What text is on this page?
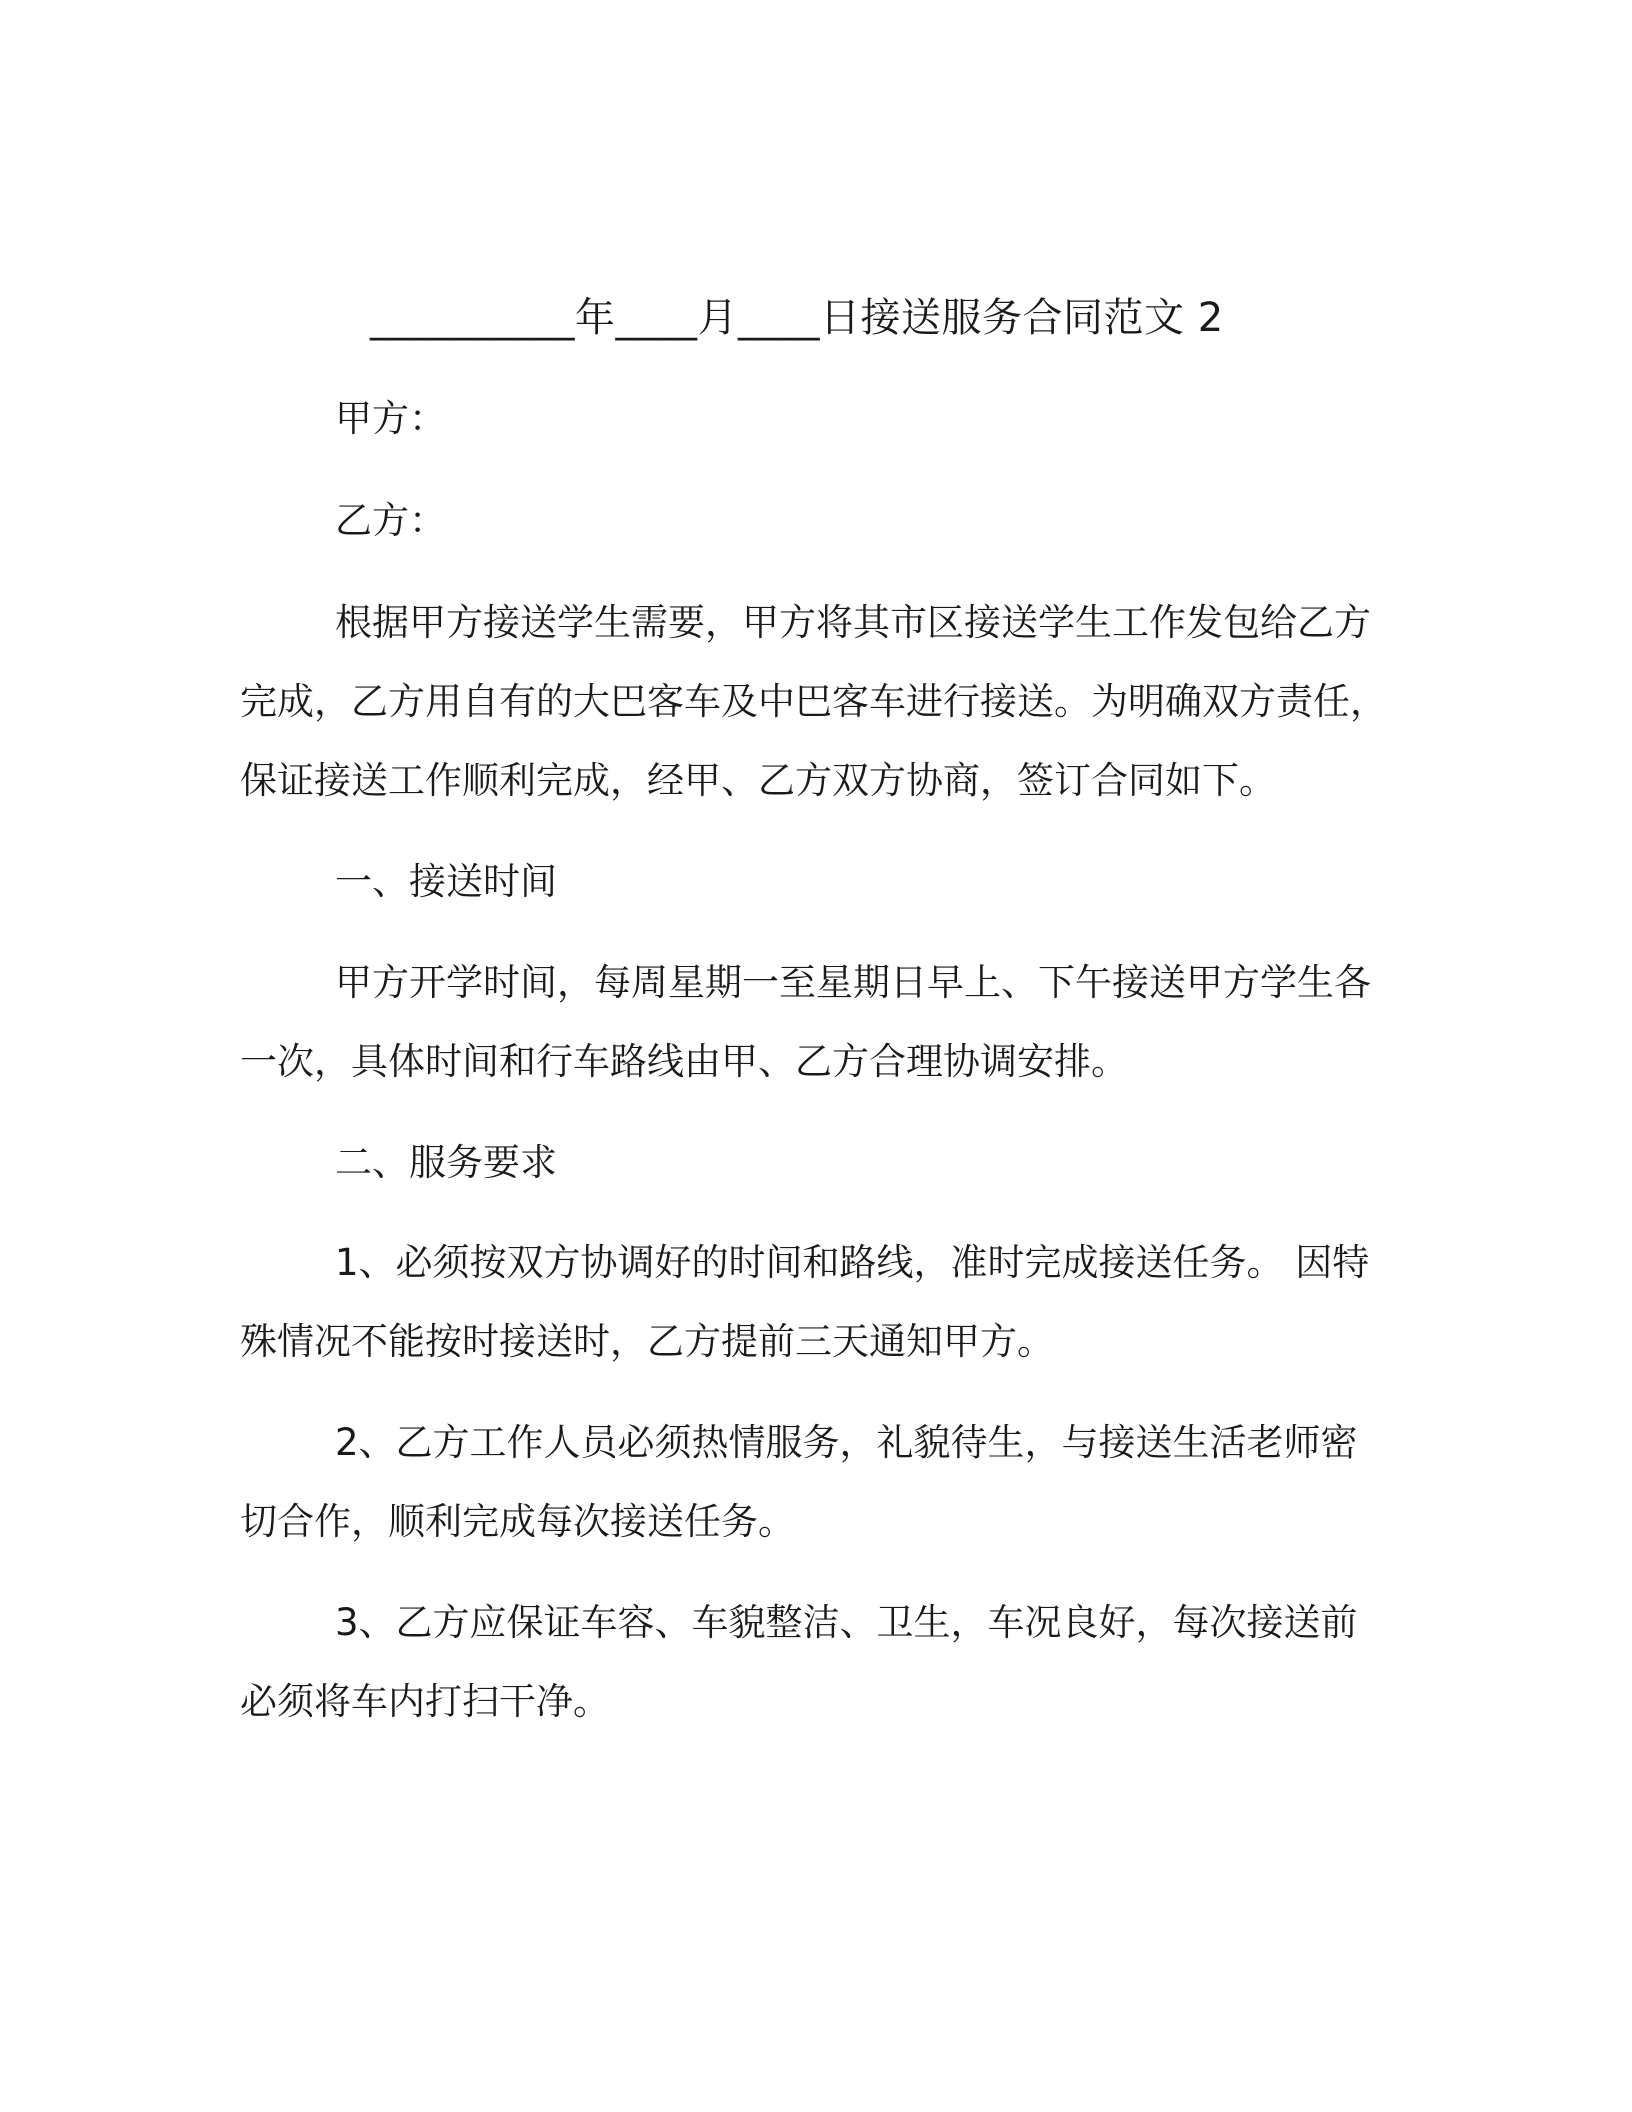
__________年____月____日接送服务合同范文 2
甲方：
乙方：
根据甲方接送学生需要，甲方将其市区接送学生工作发包给乙方
完成，乙方用自有的大巴客车及中巴客车进行接送。为明确双方责任，
保证接送工作顺利完成，经甲、乙方双方协商，签订合同如下。
一、接送时间
甲方开学时间，每周星期一至星期日早上、下午接送甲方学生各
一次，具体时间和行车路线由甲、乙方合理协调安排。
二、服务要求
1、必须按双方协调好的时间和路线，准时完成接送任务。 因特
殊情况不能按时接送时，乙方提前三天通知甲方。
2、乙方工作人员必须热情服务，礼貌待生，与接送生活老师密
切合作，顺利完成每次接送任务。
3、乙方应保证车容、车貌整洁、卫生，车况良好，每次接送前
必须将车内打扫干净。
